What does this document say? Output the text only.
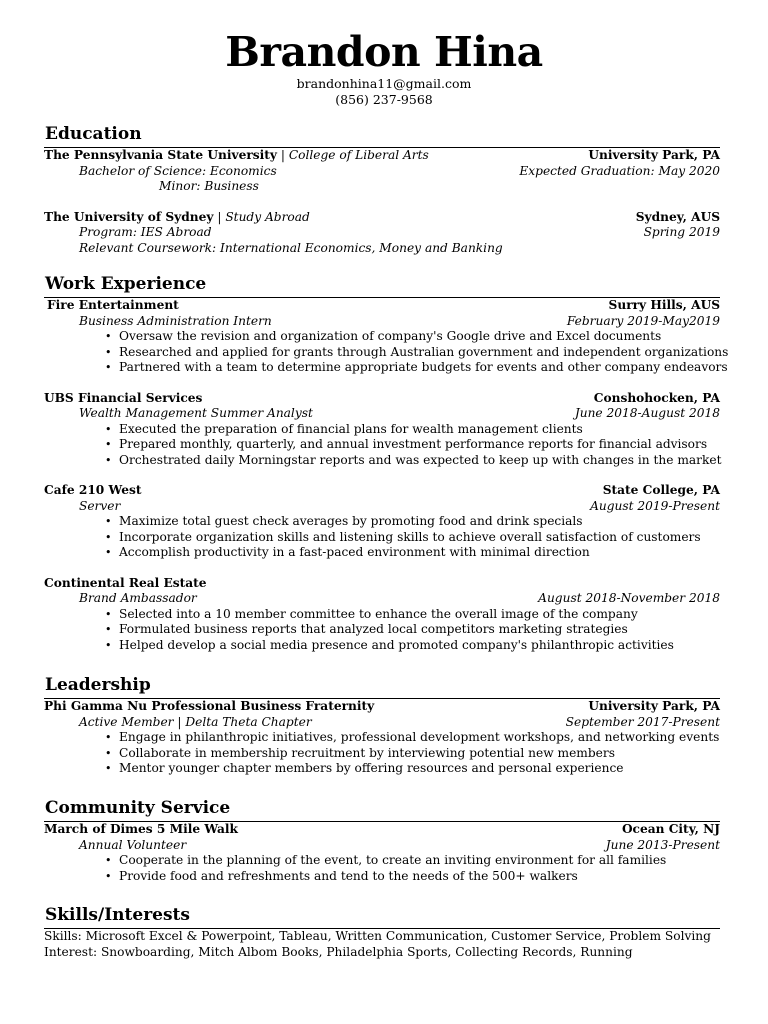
Brandon Hina
brandonhina11@gmail.com
(856) 237-9568
Education
The Pennsylvania State University | College of Liberal Arts	University Park, PA
Bachelor of Science: Economics	Expected Graduation: May 2020
Minor: Business
The University of Sydney | Study Abroad	Sydney, AUS
Program: IES Abroad	Spring 2019
Relevant Coursework: International Economics, Money and Banking
Work Experience
Fire Entertainment	Surry Hills, AUS
Business Administration Intern	February 2019-May2019
• Oversaw the revision and organization of company's Google drive and Excel documents
• Researched and applied for grants through Australian government and independent organizations
• Partnered with a team to determine appropriate budgets for events and other company endeavors
UBS Financial Services	Conshohocken, PA
Wealth Management Summer Analyst	June 2018-August 2018
• Executed the preparation of financial plans for wealth management clients
• Prepared monthly, quarterly, and annual investment performance reports for financial advisors
• Orchestrated daily Morningstar reports and was expected to keep up with changes in the market
Cafe 210 West	State College, PA
Server	August 2019-Present
• Maximize total guest check averages by promoting food and drink specials
• Incorporate organization skills and listening skills to achieve overall satisfaction of customers
• Accomplish productivity in a fast-paced environment with minimal direction
Continental Real Estate
Brand Ambassador	August 2018-November 2018
• Selected into a 10 member committee to enhance the overall image of the company
• Formulated business reports that analyzed local competitors marketing strategies
• Helped develop a social media presence and promoted company's philanthropic activities
Leadership
Phi Gamma Nu Professional Business Fraternity	University Park, PA
Active Member | Delta Theta Chapter	September 2017-Present
• Engage in philanthropic initiatives, professional development workshops, and networking events
• Collaborate in membership recruitment by interviewing potential new members
• Mentor younger chapter members by offering resources and personal experience
Community Service
March of Dimes 5 Mile Walk	Ocean City, NJ
Annual Volunteer	June 2013-Present
• Cooperate in the planning of the event, to create an inviting environment for all families
• Provide food and refreshments and tend to the needs of the 500+ walkers
Skills/Interests
Skills: Microsoft Excel & Powerpoint, Tableau, Written Communication, Customer Service, Problem Solving
Interest: Snowboarding, Mitch Albom Books, Philadelphia Sports, Collecting Records, Running
